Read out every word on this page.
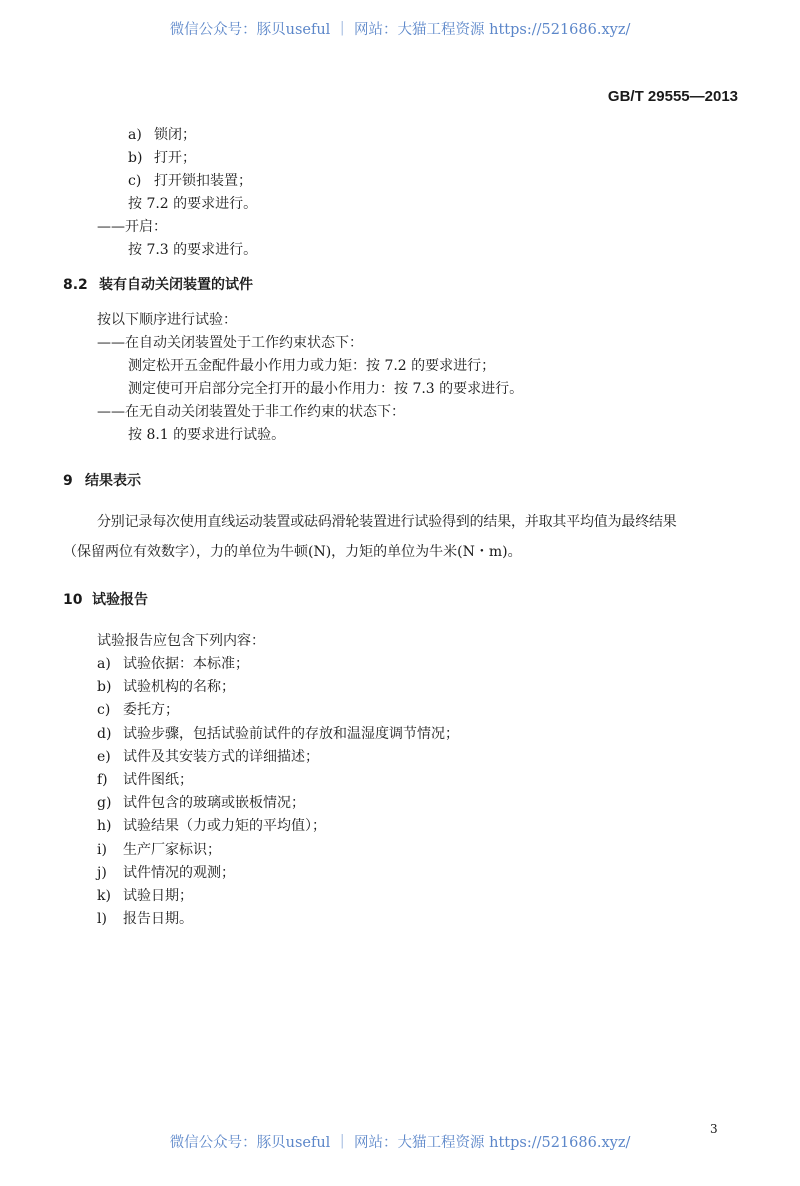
微信公众号：豚贝useful ｜ 网站：大猫工程资源 https://521686.xyz/
GB/T 29555—2013
a) 锁闭；
b) 打开；
c) 打开锁扣装置；
按 7.2 的要求进行。
——开启：
按 7.3 的要求进行。
8.2 装有自动关闭装置的试件
按以下顺序进行试验：
——在自动关闭装置处于工作约束状态下：
测定松开五金配件最小作用力或力矩：按 7.2 的要求进行；
测定使可开启部分完全打开的最小作用力：按 7.3 的要求进行。
——在无自动关闭装置处于非工作约束的状态下：
按 8.1 的要求进行试验。
9 结果表示
分别记录每次使用直线运动装置或砝码滑轮装置进行试验得到的结果，并取其平均值为最终结果
（保留两位有效数字），力的单位为牛顿(N)，力矩的单位为牛米(N・m)。
10 试验报告
试验报告应包含下列内容：
a) 试验依据：本标准；
b) 试验机构的名称；
c) 委托方；
d) 试验步骤，包括试验前试件的存放和温湿度调节情况；
e) 试件及其安装方式的详细描述；
f) 试件图纸；
g) 试件包含的玻璃或嵌板情况；
h) 试验结果（力或力矩的平均值）；
i) 生产厂家标识；
j) 试件情况的观测；
k) 试验日期；
l) 报告日期。
3
微信公众号：豚贝useful ｜ 网站：大猫工程资源 https://521686.xyz/
